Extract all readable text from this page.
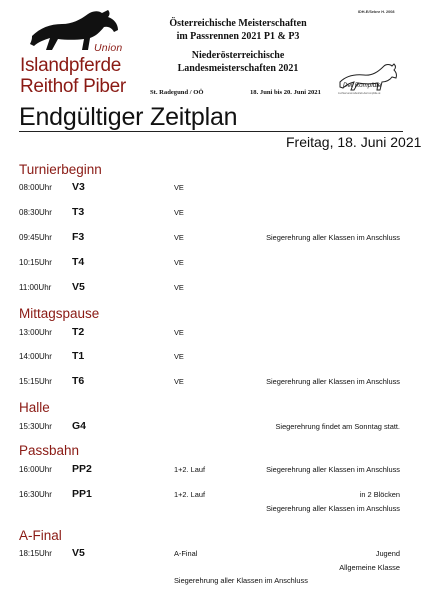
Union
Islandpferde
Reithof Piber
Österreichische Meisterschaften
im Passrennen 2021 P1 & P3
Niederösterreichische
Landesmeisterschaften 2021
St. Radegund / OÖ	18. Juni bis 20. Juni 2021
IDH-E/Sebnr H. 2008
Der Rompfdie
zuchtervereinsbetrieb-derrompfdie.at
Endgültiger Zeitplan
Freitag, 18. Juni 2021
Turnierbeginn
08:00Uhr V3	VE
08:30Uhr T3	VE
09:45Uhr F3	VE	Siegerehrung aller Klassen im Anschluss
10:15Uhr T4	VE
11:00Uhr V5	VE
Mittagspause
13:00Uhr T2	VE
14:00Uhr T1	VE
15:15Uhr T6	VE	Siegerehrung aller Klassen im Anschluss
Halle
15:30Uhr G4	Siegerehrung findet am Sonntag statt.
Passbahn
16:00Uhr PP2	1+2. Lauf	Siegerehrung aller Klassen im Anschluss
16:30Uhr PP1	1+2. Lauf	in 2 Blöcken
Siegerehrung aller Klassen im Anschluss
A-Final
18:15Uhr V5	A-Final	Jugend
Allgemeine Klasse
Siegerehrung aller Klassen im Anschluss
